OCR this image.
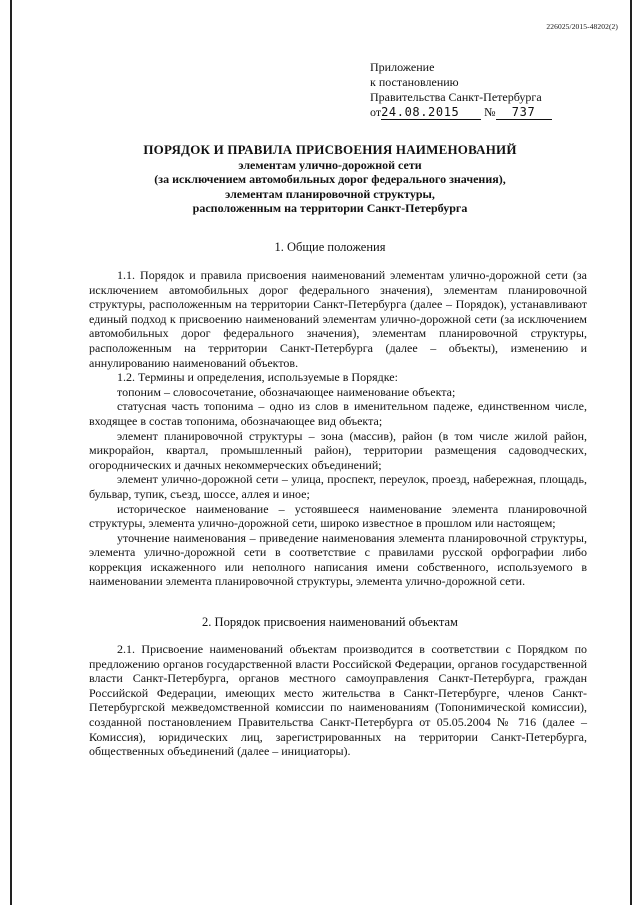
226025/2015-48202(2)
Приложение
к постановлению
Правительства Санкт-Петербурга
от24.08.2015 № 737
ПОРЯДОК И ПРАВИЛА ПРИСВОЕНИЯ НАИМЕНОВАНИЙ
элементам улично-дорожной сети
(за исключением автомобильных дорог федерального значения),
элементам планировочной структуры,
расположенным на территории Санкт-Петербурга
1. Общие положения

1.1. Порядок и правила присвоения наименований элементам улично-дорожной сети (за исключением автомобильных дорог федерального значения), элементам планировочной структуры, расположенным на территории Санкт-Петербурга (далее – Порядок), устанавливают единый подход к присвоению наименований элементам улично-дорожной сети (за исключением автомобильных дорог федерального значения), элементам планировочной структуры, расположенным на территории Санкт-Петербурга (далее – объекты), изменению и аннулированию наименований объектов.

1.2. Термины и определения, используемые в Порядке:

топоним – словосочетание, обозначающее наименование объекта;

статусная часть топонима – одно из слов в именительном падеже, единственном числе, входящее в состав топонима, обозначающее вид объекта;

элемент планировочной структуры – зона (массив), район (в том числе жилой район, микрорайон, квартал, промышленный район), территории размещения садоводческих, огороднических и дачных некоммерческих объединений;

элемент улично-дорожной сети – улица, проспект, переулок, проезд, набережная, площадь, бульвар, тупик, съезд, шоссе, аллея и иное;

историческое наименование – устоявшееся наименование элемента планировочной структуры, элемента улично-дорожной сети, широко известное в прошлом или настоящем;

уточнение наименования – приведение наименования элемента планировочной структуры, элемента улично-дорожной сети в соответствие с правилами русской орфографии либо коррекция искаженного или неполного написания имени собственного, используемого в наименовании элемента планировочной структуры, элемента улично-дорожной сети.

2. Порядок присвоения наименований объектам

2.1. Присвоение наименований объектам производится в соответствии с Порядком по предложению органов государственной власти Российской Федерации, органов государственной власти Санкт-Петербурга, органов местного самоуправления Санкт-Петербурга, граждан Российской Федерации, имеющих место жительства в Санкт-Петербурге, членов Санкт-Петербургской межведомственной комиссии по наименованиям (Топонимической комиссии), созданной постановлением Правительства Санкт-Петербурга от 05.05.2004 № 716 (далее – Комиссия), юридических лиц, зарегистрированных на территории Санкт-Петербурга, общественных объединений (далее – инициаторы).
